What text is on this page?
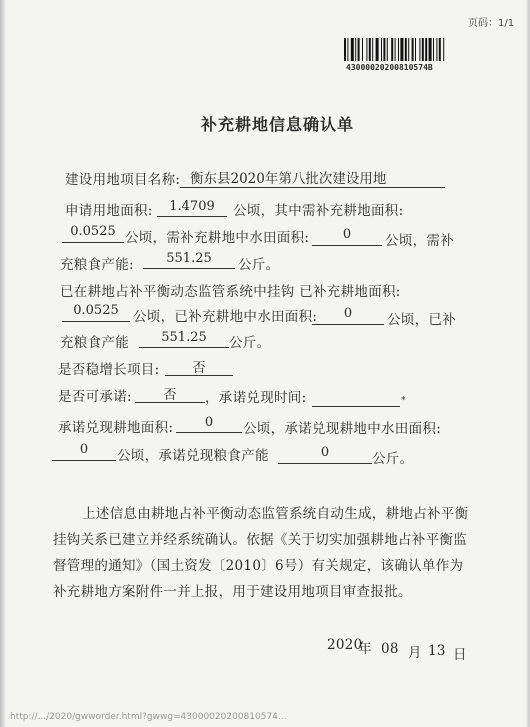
页码：1/1
43000020200810574B
补充耕地信息确认单
建设用地项目名称: 衡东县2020年第八批次建设用地
申请用地面积:	1.4709	公顷，其中需补充耕地面积:
0.0525 公顷，需补充耕地中水田面积:	0	公顷，需补
充粮食产能:	551.25	公斤。
已在耕地占补平衡动态监管系统中挂钩 已补充耕地面积:
0.0525	公顷，已补充耕地中水田面积:	0	公顷，已补
充粮食产能	551.25	公斤。
是否稳增长项目:	否
是否可承诺:	否	，承诺兑现时间:	*
承诺兑现耕地面积:	0	公顷，承诺兑现耕地中水田面积:
0	公顷，承诺兑现粮食产能	0	公斤。
上述信息由耕地占补平衡动态监管系统自动生成，耕地占补平衡
挂钩关系已建立并经系统确认。依据《关于切实加强耕地占补平衡监
督管理的通知》（国土资发〔2010〕6号）有关规定，该确认单作为
补充耕地方案附件一并上报，用于建设用地项目审查报批。
2020
年 08 月 13 日
http://.../2020/gwworder.html?gwwg=43000020200810574...
